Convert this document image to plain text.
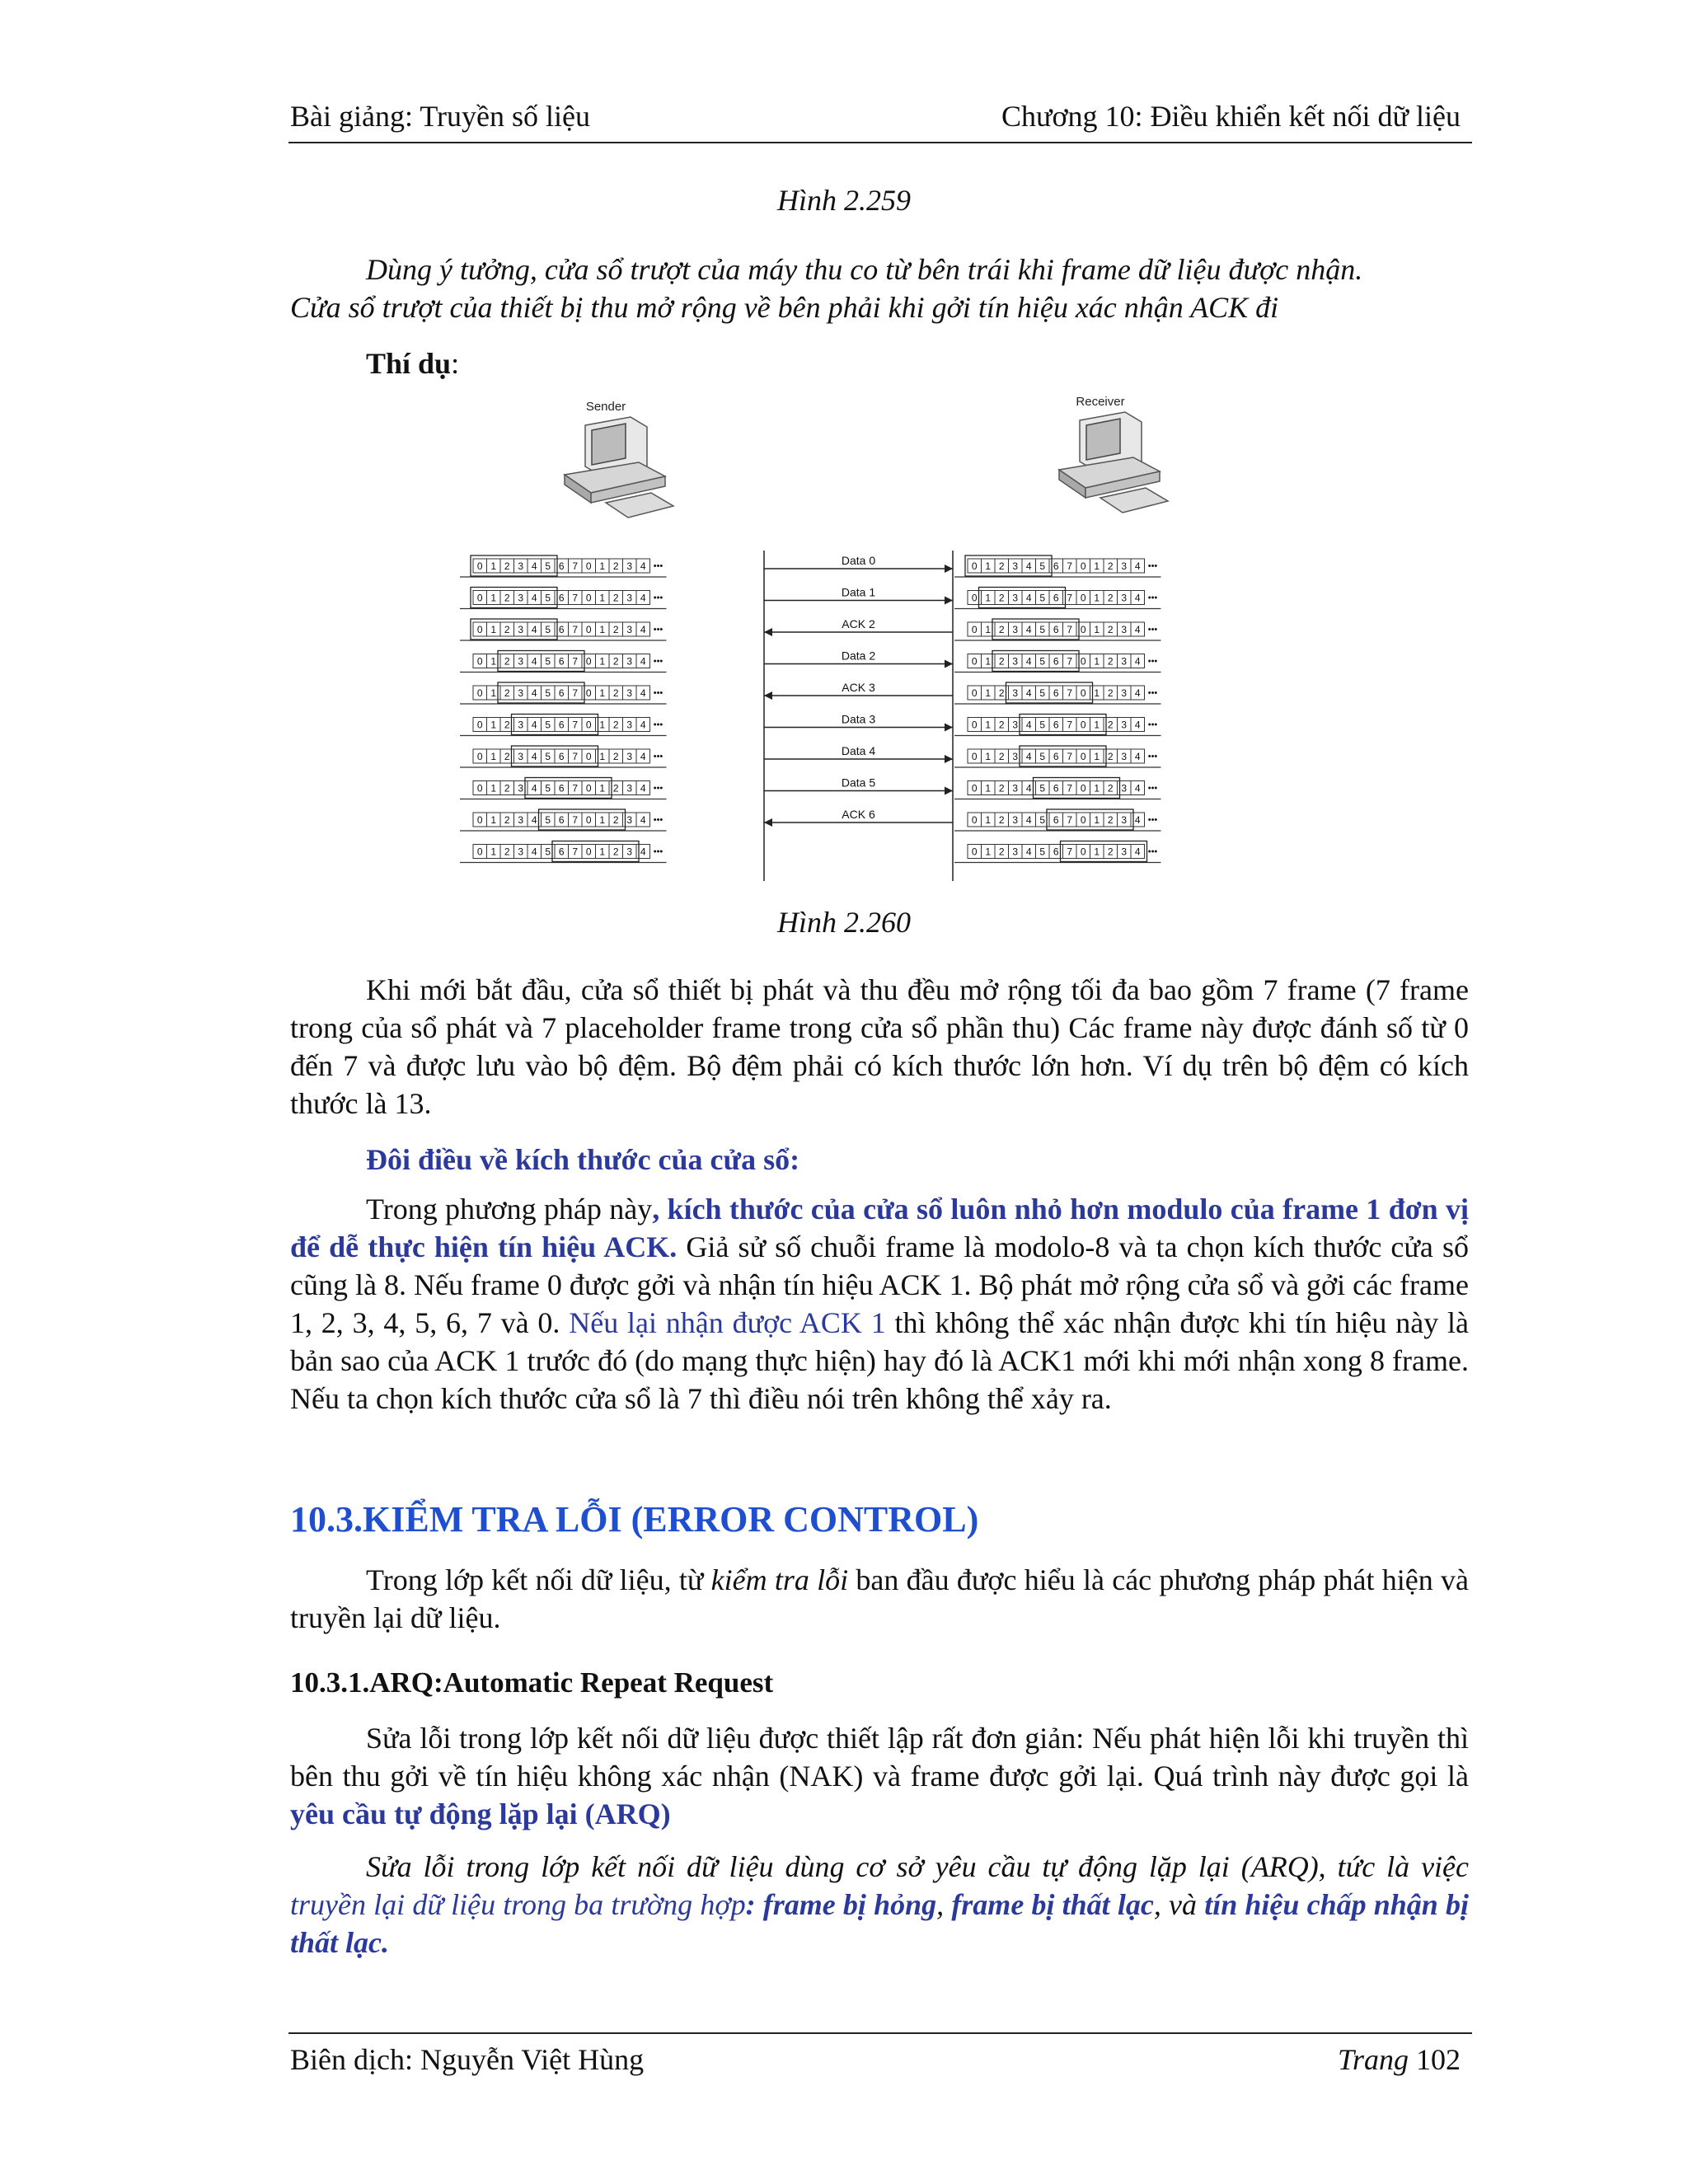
Bài giảng: Truyền số liệu	Chương 10: Điều khiển kết nối dữ liệu
Hình 2.259
Dùng ý tưởng, cửa sổ trượt của máy thu co từ bên trái khi frame dữ liệu được nhận.
Cửa sổ trượt của thiết bị thu mở rộng về bên phải khi gởi tín hiệu xác nhận ACK đi
Thí dụ:
Sender	Receiver
0 1 2 3 4 5 6 7 0 1 2 3 4 •••
0 1 2 3 4 5 6 7 0 1 2 3 4 •••
0 1 2 3 4 5 6 7 0 1 2 3 4 •••
0 1 2 3 4 5 6 7 0 1 2 3 4 •••
0 1 2 3 4 5 6 7 0 1 2 3 4 •••
0 1 2 3 4 5 6 7 0 1 2 3 4 •••
0 1 2 3 4 5 6 7 0 1 2 3 4 •••
0 1 2 3 4 5 6 7 0 1 2 3 4 •••
0 1 2 3 4 5 6 7 0 1 2 3 4 •••
0 1 2 3 4 5 6 7 0 1 2 3 4 •••
0 1 2 3 4 5 6 7 0 1 2 3 4 •••
0 1 2 3 4 5 6 7 0 1 2 3 4 •••
0 1 2 3 4 5 6 7 0 1 2 3 4 •••
0 1 2 3 4 5 6 7 0 1 2 3 4 •••
0 1 2 3 4 5 6 7 0 1 2 3 4 •••
0 1 2 3 4 5 6 7 0 1 2 3 4 •••
0 1 2 3 4 5 6 7 0 1 2 3 4 •••
0 1 2 3 4 5 6 7 0 1 2 3 4 •••
0 1 2 3 4 5 6 7 0 1 2 3 4 •••
0 1 2 3 4 5 6 7 0 1 2 3 4 •••
Data 0
Data 1
ACK 2
Data 2
ACK 3
Data 3
Data 4
Data 5
ACK 6
Hình 2.260
Khi mới bắt đầu, cửa sổ thiết bị phát và thu đều mở rộng tối đa bao gồm 7 frame (7 frame trong của sổ phát và 7 placeholder frame trong cửa sổ phần thu) Các frame này được đánh số từ 0 đến 7 và được lưu vào bộ đệm. Bộ đệm phải có kích thước lớn hơn. Ví dụ trên bộ đệm có kích thước là 13.
Đôi điều về kích thước của cửa sổ:
Trong phương pháp này, kích thước của cửa sổ luôn nhỏ hơn modulo của frame 1 đơn vị để dễ thực hiện tín hiệu ACK. Giả sử số chuỗi frame là modolo-8 và ta chọn kích thước cửa sổ cũng là 8. Nếu frame 0 được gởi và nhận tín hiệu ACK 1. Bộ phát mở rộng cửa sổ và gởi các frame 1, 2, 3, 4, 5, 6, 7 và 0. Nếu lại nhận được ACK 1 thì không thể xác nhận được khi tín hiệu này là bản sao của ACK 1 trước đó (do mạng thực hiện) hay đó là ACK1 mới khi mới nhận xong 8 frame. Nếu ta chọn kích thước cửa sổ là 7 thì điều nói trên không thể xảy ra.
10.3.KIỂM TRA LỖI (ERROR CONTROL)
Trong lớp kết nối dữ liệu, từ kiểm tra lỗi ban đầu được hiểu là các phương pháp phát hiện và truyền lại dữ liệu.
10.3.1.ARQ:Automatic Repeat Request
Sửa lỗi trong lớp kết nối dữ liệu được thiết lập rất đơn giản: Nếu phát hiện lỗi khi truyền thì bên thu gởi về tín hiệu không xác nhận (NAK) và frame được gởi lại. Quá trình này được gọi là yêu cầu tự động lặp lại (ARQ)
Sửa lỗi trong lớp kết nối dữ liệu dùng cơ sở yêu cầu tự động lặp lại (ARQ), tức là việc truyền lại dữ liệu trong ba trường hợp: frame bị hỏng, frame bị thất lạc, và tín hiệu chấp nhận bị thất lạc.
Biên dịch: Nguyễn Việt Hùng	Trang 102
